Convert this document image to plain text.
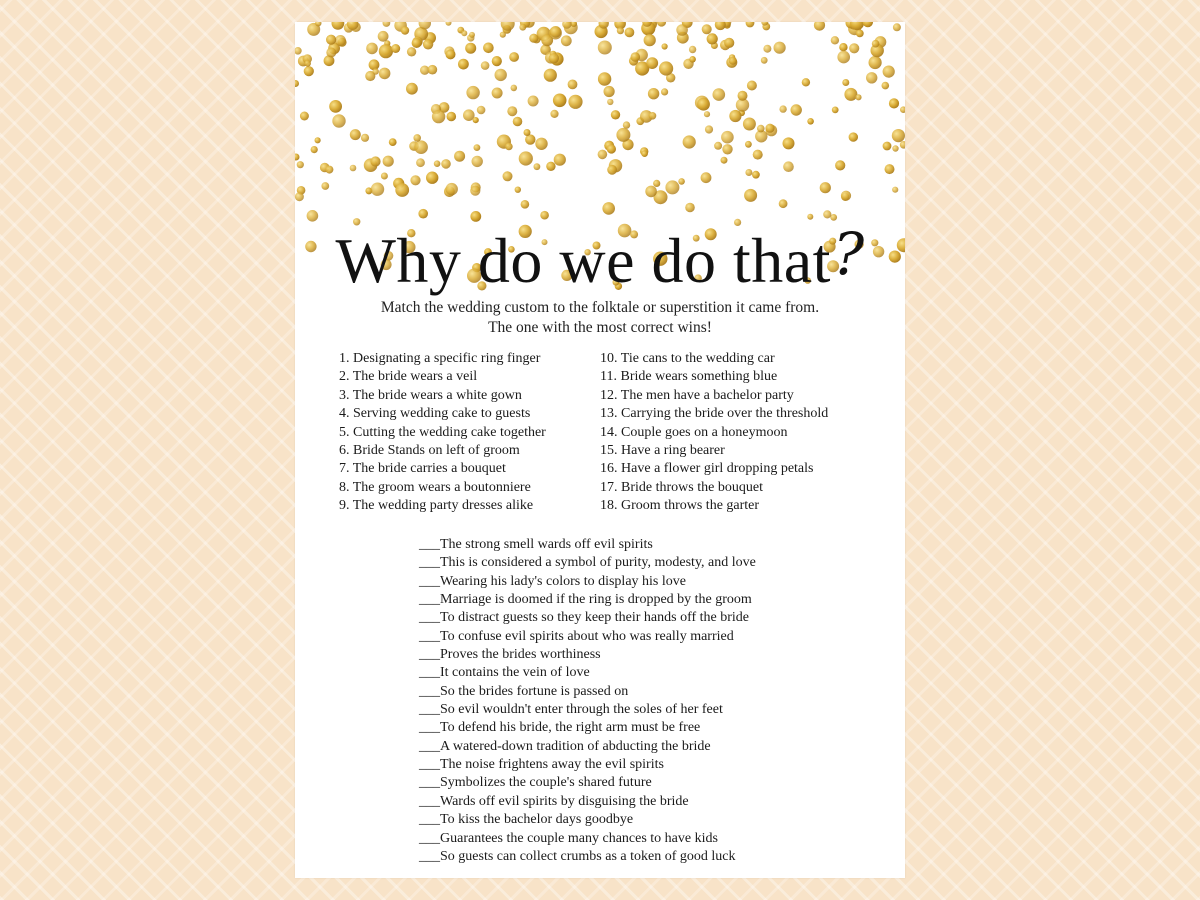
Why do we do that?
Match the wedding custom to the folktale or superstition it came from.
The one with the most correct wins!
1. Designating a specific ring finger
2. The bride wears a veil
3. The bride wears a white gown
4. Serving wedding cake to guests
5. Cutting the wedding cake together
6. Bride Stands on left of groom
7. The bride carries a bouquet
8. The groom wears a boutonniere
9. The wedding party dresses alike
10. Tie cans to the wedding car
11. Bride wears something blue
12. The men have a bachelor party
13. Carrying the bride over the threshold
14. Couple goes on a honeymoon
15. Have a ring bearer
16. Have a flower girl dropping petals
17. Bride throws the bouquet
18. Groom throws the garter
___The strong smell wards off evil spirits
___This is considered a symbol of purity, modesty, and love
___Wearing his lady's colors to display his love
___Marriage is doomed if the ring is dropped by the groom
___To distract guests so they keep their hands off the bride
___To confuse evil spirits about who was really married
___Proves the brides worthiness
___It contains the vein of love
___So the brides fortune is passed on
___So evil wouldn't enter through the soles of her feet
___To defend his bride, the right arm must be free
___A watered-down tradition of abducting the bride
___The noise frightens away the evil spirits
___Symbolizes the couple's shared future
___Wards off evil spirits by disguising the bride
___To kiss the bachelor days goodbye
___Guarantees the couple many chances to have kids
___So guests can collect crumbs as a token of good luck
